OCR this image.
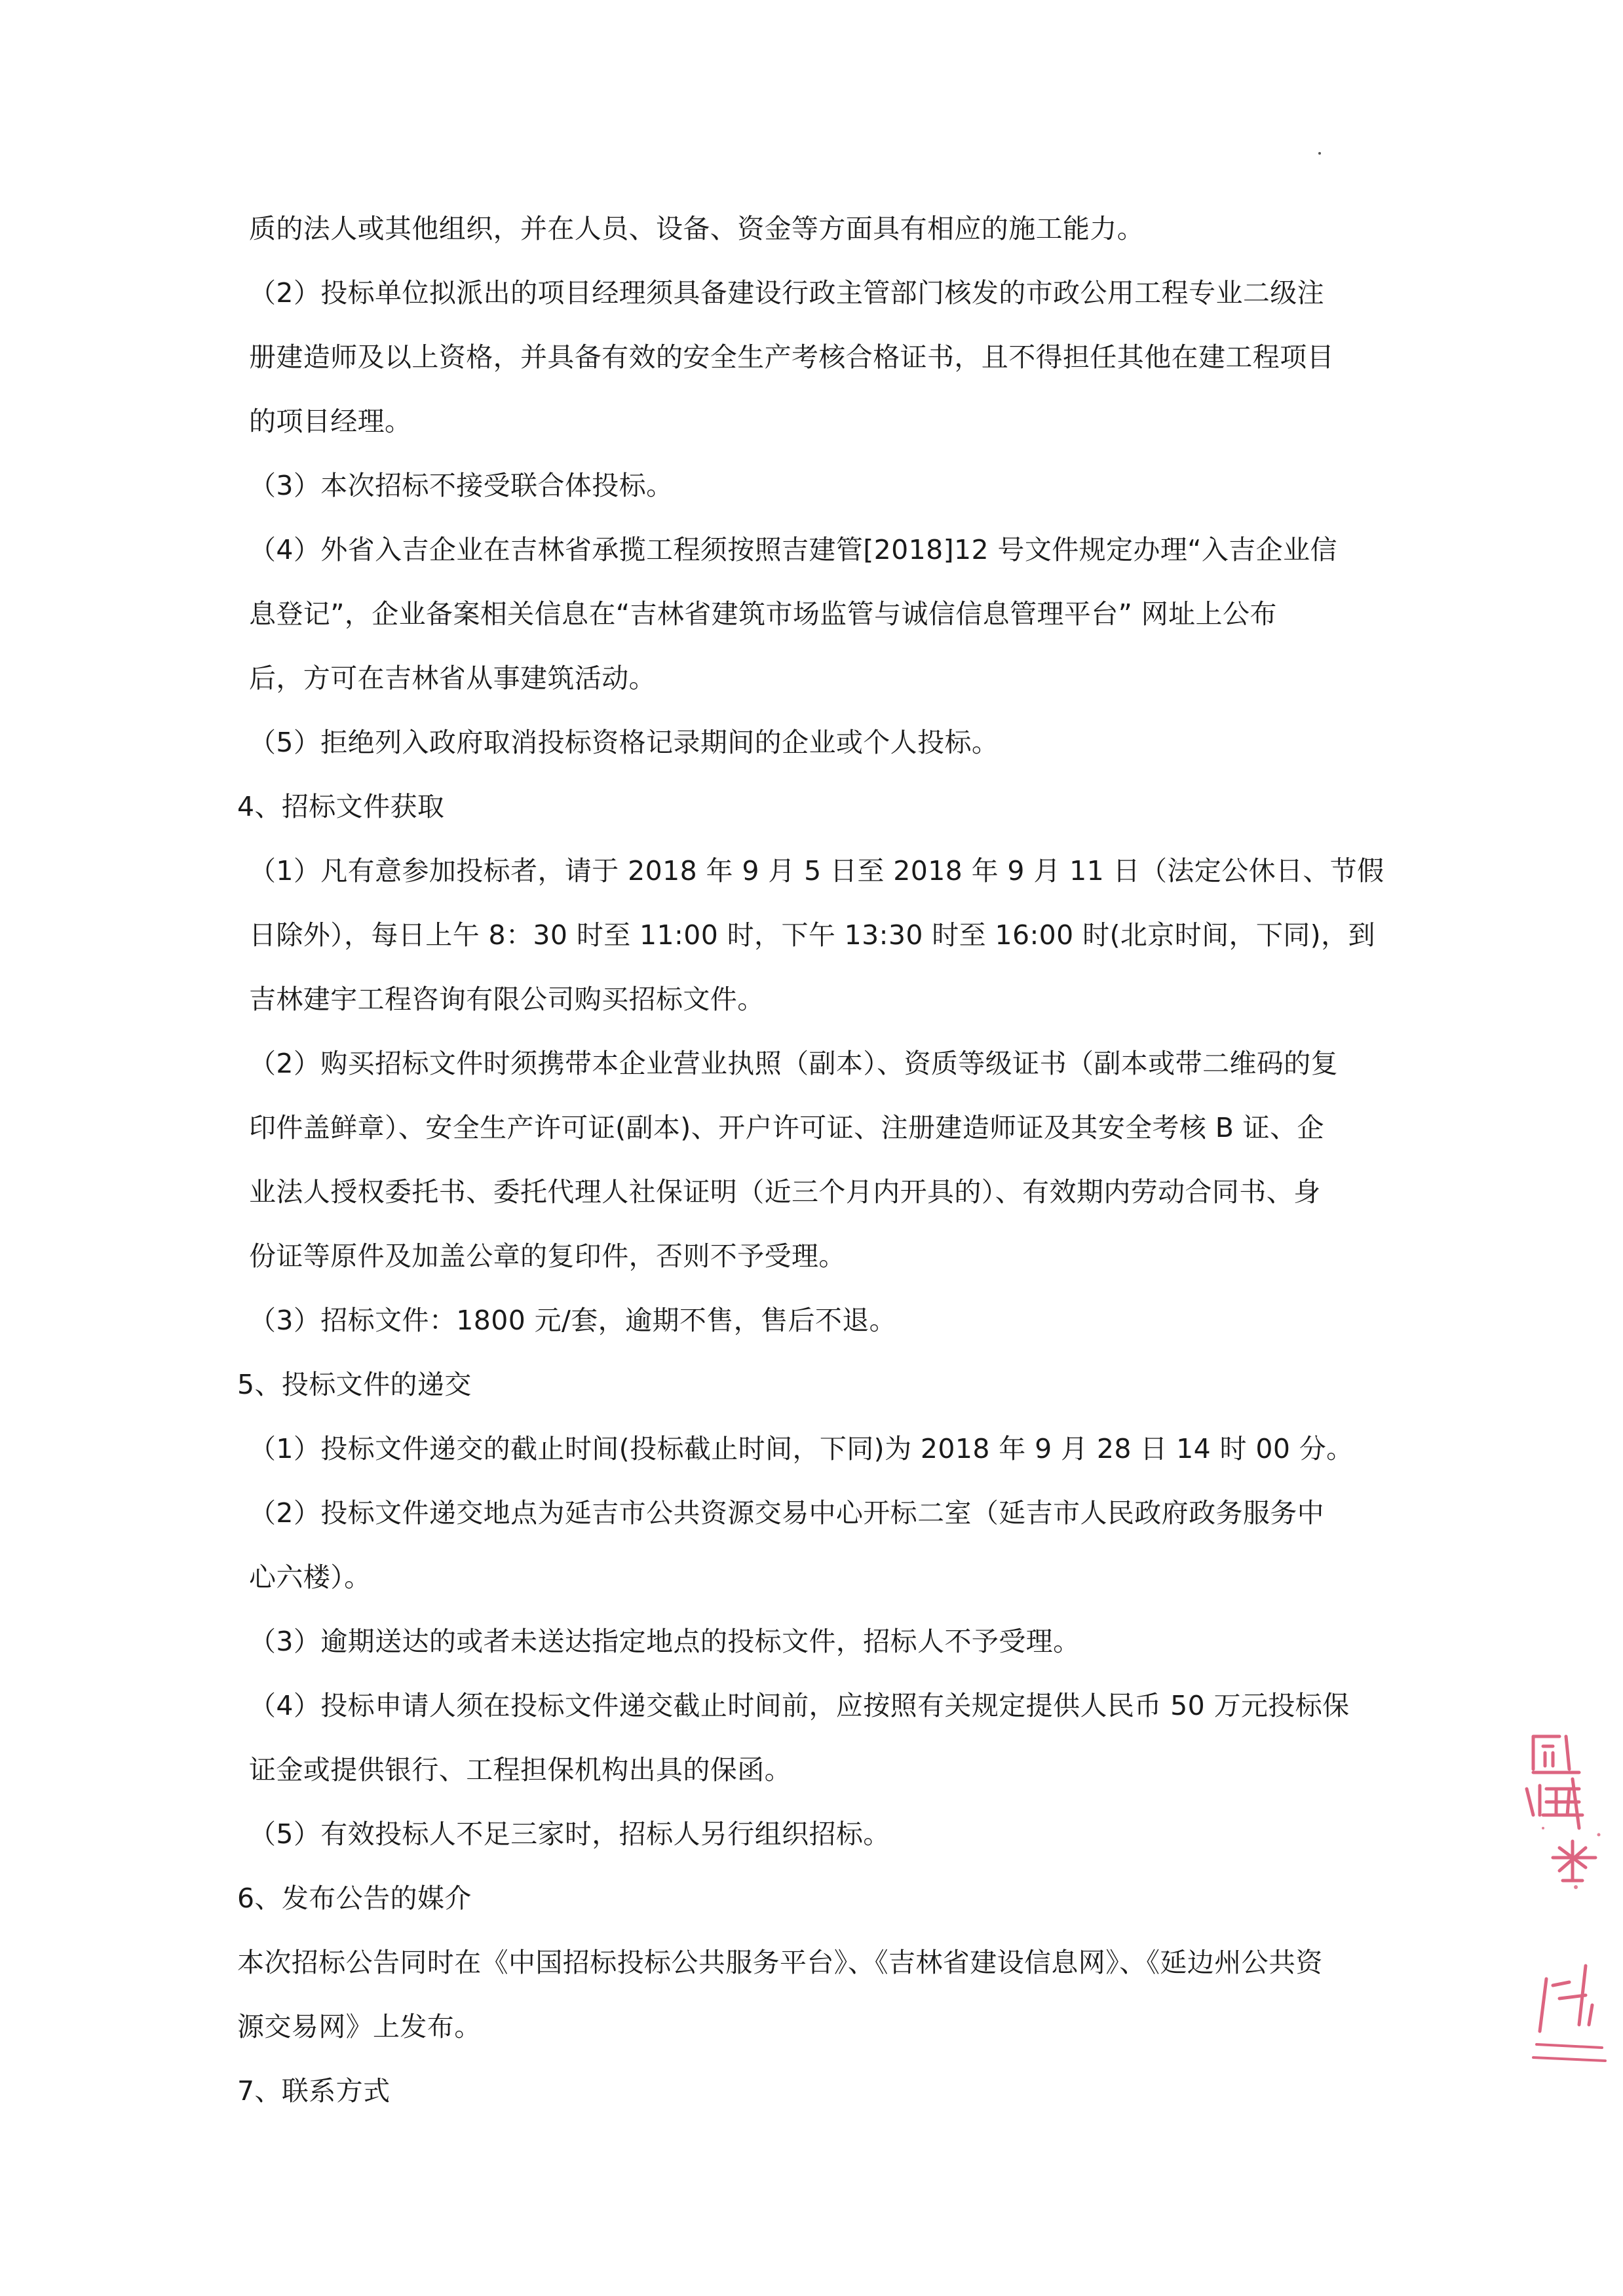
质的法人或其他组织，并在人员、设备、资金等方面具有相应的施工能力。
（2）投标单位拟派出的项目经理须具备建设行政主管部门核发的市政公用工程专业二级注
册建造师及以上资格，并具备有效的安全生产考核合格证书，且不得担任其他在建工程项目
的项目经理。
（3）本次招标不接受联合体投标。
（4）外省入吉企业在吉林省承揽工程须按照吉建管[2018]12 号文件规定办理“入吉企业信
息登记”，企业备案相关信息在“吉林省建筑市场监管与诚信信息管理平台” 网址上公布
后，方可在吉林省从事建筑活动。
（5）拒绝列入政府取消投标资格记录期间的企业或个人投标。
4、招标文件获取
（1）凡有意参加投标者，请于 2018 年 9 月 5 日至 2018 年 9 月 11 日（法定公休日、节假
日除外），每日上午 8：30 时至 11:00 时，下午 13:30 时至 16:00 时(北京时间，下同)，到
吉林建宇工程咨询有限公司购买招标文件。
（2）购买招标文件时须携带本企业营业执照（副本）、资质等级证书（副本或带二维码的复
印件盖鲜章）、安全生产许可证(副本)、开户许可证、注册建造师证及其安全考核 B 证、企
业法人授权委托书、委托代理人社保证明（近三个月内开具的）、有效期内劳动合同书、身
份证等原件及加盖公章的复印件，否则不予受理。
（3）招标文件：1800 元/套，逾期不售，售后不退。
5、投标文件的递交
（1）投标文件递交的截止时间(投标截止时间，下同)为 2018 年 9 月 28 日 14 时 00 分。
（2）投标文件递交地点为延吉市公共资源交易中心开标二室（延吉市人民政府政务服务中
心六楼）。
（3）逾期送达的或者未送达指定地点的投标文件，招标人不予受理。
（4）投标申请人须在投标文件递交截止时间前，应按照有关规定提供人民币 50 万元投标保
证金或提供银行、工程担保机构出具的保函。
（5）有效投标人不足三家时，招标人另行组织招标。
6、发布公告的媒介
本次招标公告同时在《中国招标投标公共服务平台》、《吉林省建设信息网》、《延边州公共资
源交易网》上发布。
7、联系方式
